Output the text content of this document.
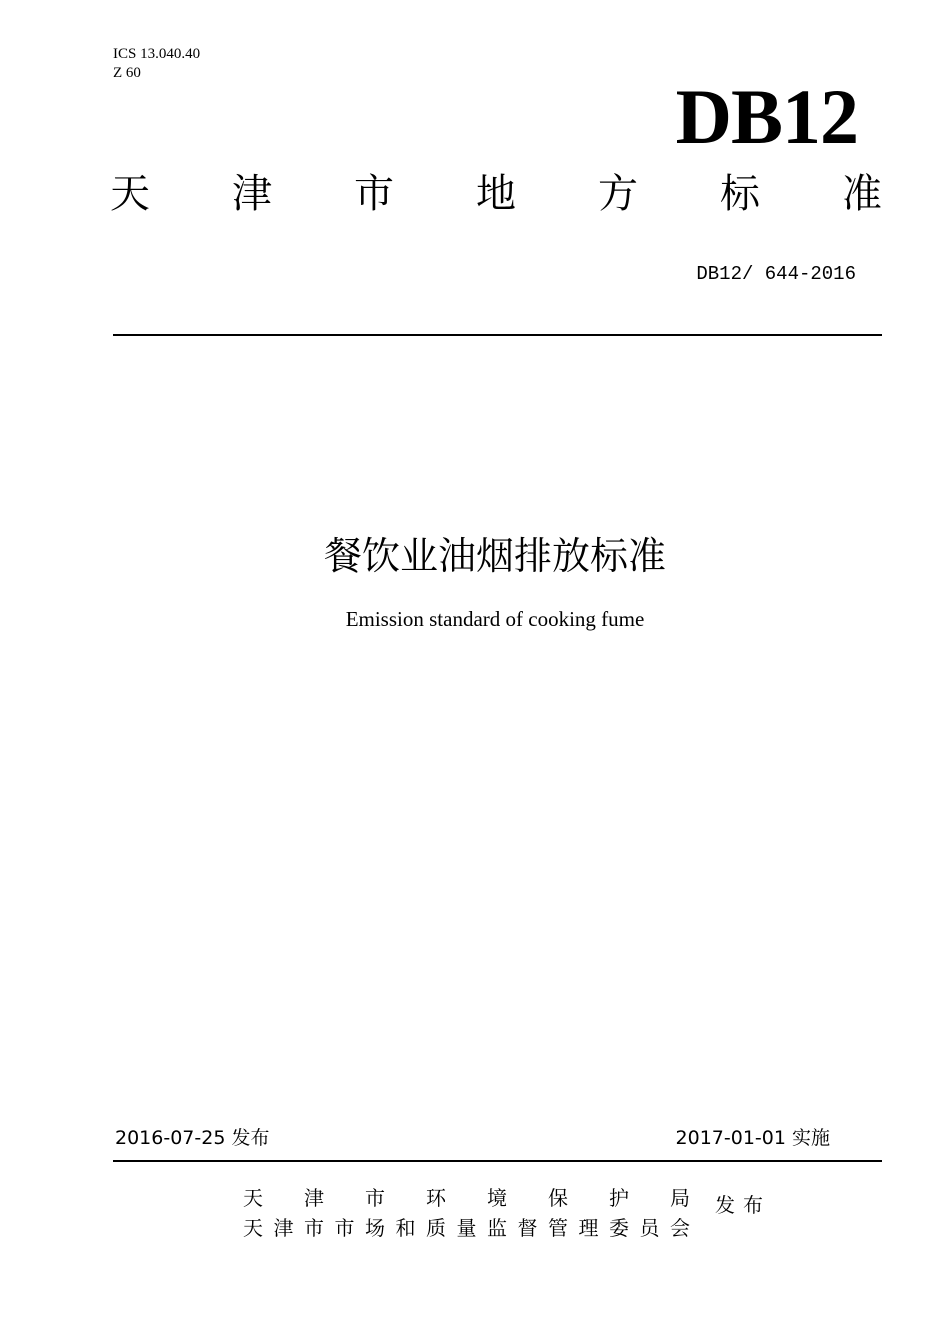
ICS 13.040.40
Z 60	DB12
天 津 市 地 方 标 准
DB12/ 644-2016
餐饮业油烟排放标准
Emission standard of cooking fume
2016-07-25 发布	2017-01-01 实施
天 津 市 环 境 保 护 局
天 津 市 市 场 和 质 量 监 督 管 理 委 员 会
发布
